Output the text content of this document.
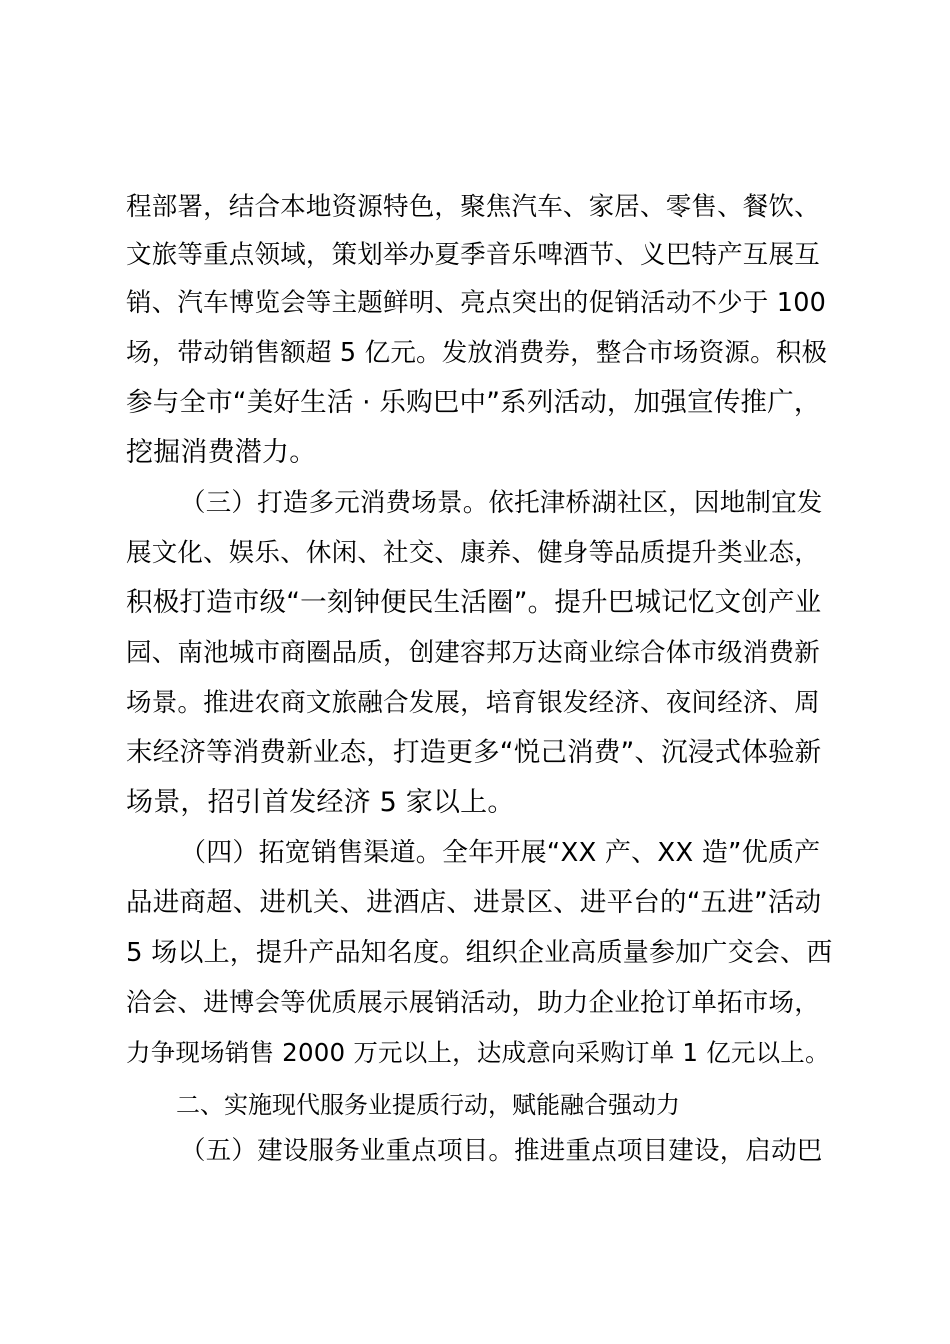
程部署，结合本地资源特色，聚焦汽车、家居、零售、餐饮、
文旅等重点领域，策划举办夏季音乐啤酒节、义巴特产互展互
销、汽车博览会等主题鲜明、亮点突出的促销活动不少于 100
场，带动销售额超 5 亿元。发放消费券，整合市场资源。积极
参与全市“美好生活 · 乐购巴中”系列活动，加强宣传推广，
挖掘消费潜力。
（三）打造多元消费场景。依托津桥湖社区，因地制宜发
展文化、娱乐、休闲、社交、康养、健身等品质提升类业态，
积极打造市级“一刻钟便民生活圈”。提升巴城记忆文创产业
园、南池城市商圈品质，创建容邦万达商业综合体市级消费新
场景。推进农商文旅融合发展，培育银发经济、夜间经济、周
末经济等消费新业态，打造更多“悦己消费”、沉浸式体验新
场景，招引首发经济 5 家以上。
（四）拓宽销售渠道。全年开展“XX 产、XX 造”优质产
品进商超、进机关、进酒店、进景区、进平台的“五进”活动
5 场以上，提升产品知名度。组织企业高质量参加广交会、西
洽会、进博会等优质展示展销活动，助力企业抢订单拓市场，
力争现场销售 2000 万元以上，达成意向采购订单 1 亿元以上。
二、实施现代服务业提质行动，赋能融合强动力
（五）建设服务业重点项目。推进重点项目建设，启动巴
